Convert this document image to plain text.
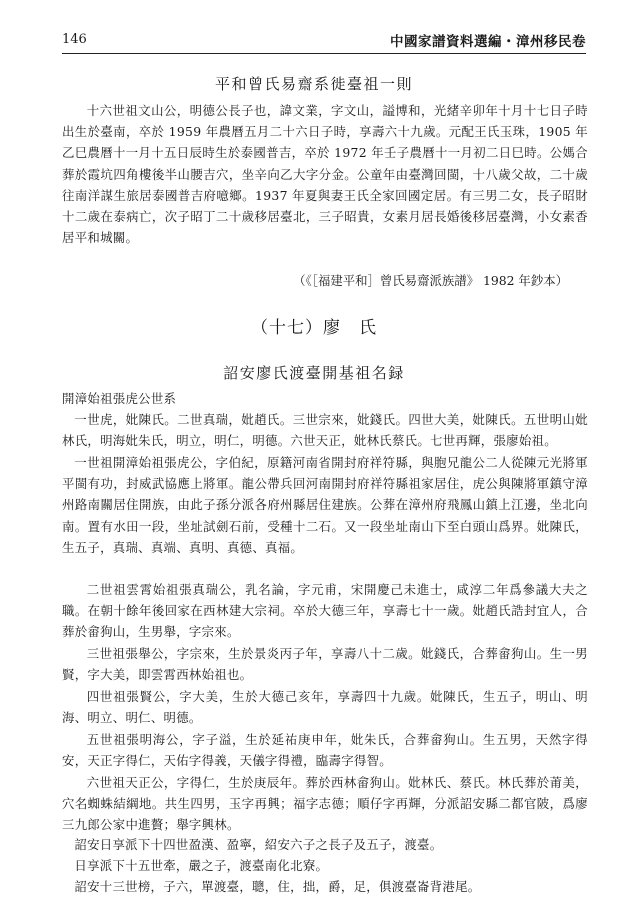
146	中國家譜資料選編・漳州移民卷
平和曾氏易齋系徙臺祖一則

十六世祖文山公，明德公長子也，諱文業，字文山，謚博和，光緒辛卯年十月十七日子時出生於臺南，卒於 1959 年農曆五月二十六日子時，享壽六十九歲。元配王氏玉珠，1905 年乙巳農曆十一月十五日辰時生於泰國普吉，卒於 1972 年壬子農曆十一月初二日巳時。公媽合葬於霞坑四角樓後半山腰吉穴，坐辛向乙大字分金。公童年由臺灣回閩，十八歲父故，二十歲往南洋謀生旅居泰國普吉府噫鄉。1937 年夏與妻王氏全家回國定居。有三男二女，長子昭財十二歲在泰病亡，次子昭丁二十歲移居臺北，三子昭貴，女素月居長婚後移居臺灣，小女素香居平和城關。

（《［福建平和］曾氏易齋派族譜》 1982 年鈔本）
（十七）廖　氏
詔安廖氏渡臺開基祖名録

開漳始祖張虎公世系

一世虎，妣陳氏。二世真瑞，妣趙氏。三世宗來，妣錢氏。四世大美，妣陳氏。五世明山妣林氏，明海妣朱氏，明立，明仁，明德。六世天正，妣林氏蔡氏。七世再輝，張廖始祖。

一世祖開漳始祖張虎公，字伯紀，原籍河南省開封府祥符縣，與胞兄龍公二人從陳元光將軍平閩有功，封威武協應上將軍。龍公帶兵回河南開封府祥符縣祖家居住，虎公與陳將軍鎮守漳州路南關居住開族，由此子孫分派各府州縣居住建族。公葬在漳州府飛鳳山鎮上江邊，坐北向南。置有水田一段，坐址試劍石前，受種十二石。又一段坐址南山下至白頭山爲界。妣陳氏，生五子，真瑞、真端、真明、真德、真福。

二世祖雲霄始祖張真瑞公，乳名論，字元甫，宋開慶己未進士，咸淳二年爲參議大夫之職。在朝十餘年後回家在西林建大宗祠。卒於大德三年，享壽七十一歲。妣趙氏誥封宜人，合葬於畲狗山，生男舉，字宗來。

三世祖張舉公，字宗來，生於景炎丙子年，享壽八十二歲。妣錢氏，合葬畲狗山。生一男賢，字大美，即雲霄西林始祖也。

四世祖張賢公，字大美，生於大德己亥年，享壽四十九歲。妣陳氏，生五子，明山、明海、明立、明仁、明德。

五世祖張明海公，字子溢，生於延祐庚申年，妣朱氏，合葬畲狗山。生五男，天然字得安，天正字得仁，天佑字得義，天儀字得禮，臨壽字得智。

六世祖天正公，字得仁，生於庚辰年。葬於西林畲狗山。妣林氏、蔡氏。林氏葬於莆美，穴名蜘蛛結綱地。共生四男，玉字再興；福字志德；順仔字再輝，分派詔安縣二都官陂，爲廖三九郎公家中進贅；舉字興林。

詔安日享派下十四世盈漢、盈寧，紹安六子之長子及五子，渡臺。

日享派下十五世牽，嚴之子，渡臺南化北寮。

詔安十三世榜，子六，單渡臺，聰，住，拙，爵，足，俱渡臺崙背港尾。
